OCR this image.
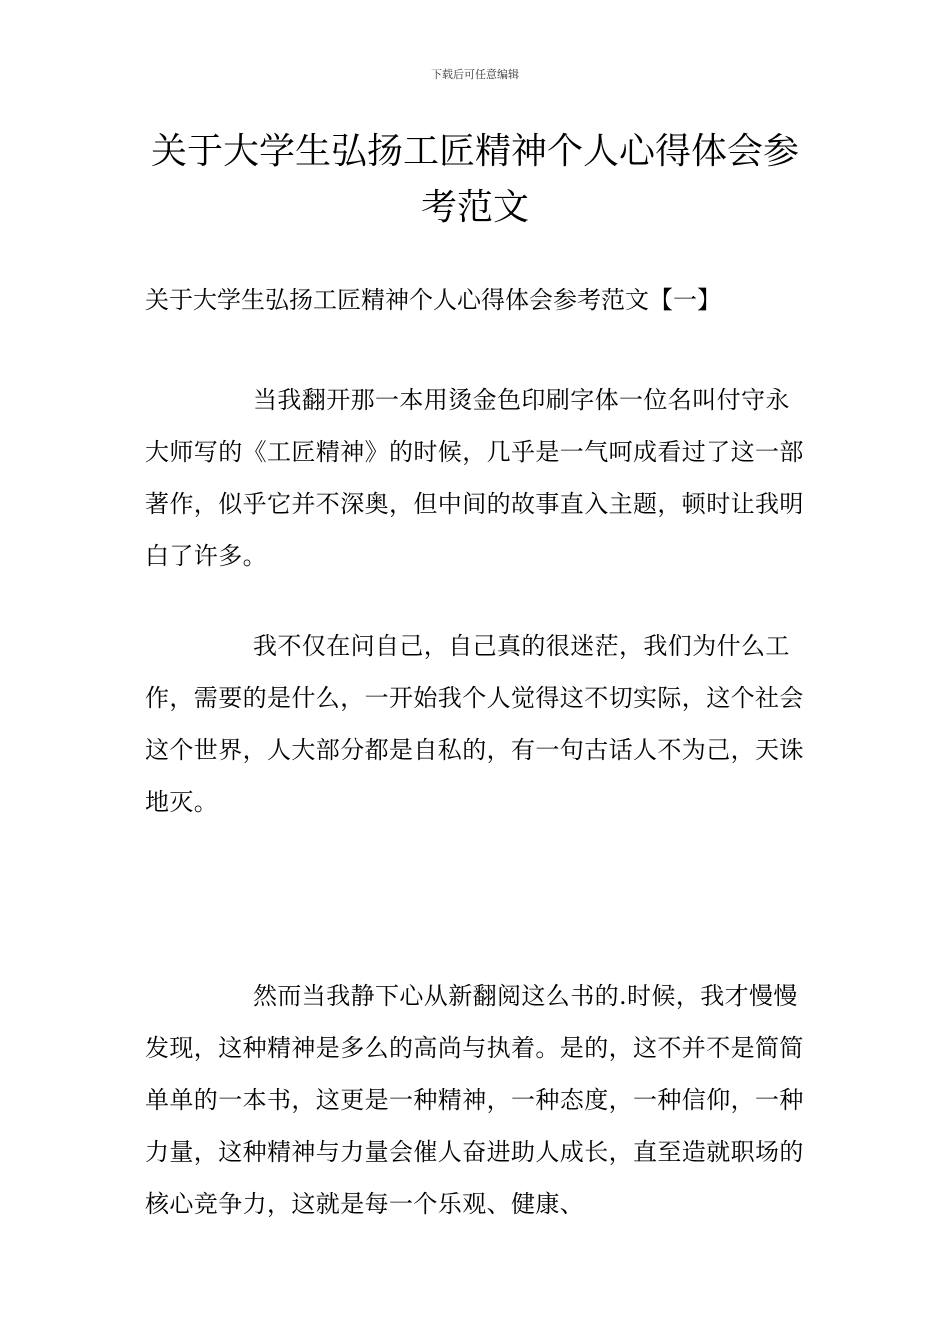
下载后可任意编辑
关于大学生弘扬工匠精神个人心得体会参考范文
关于大学生弘扬工匠精神个人心得体会参考范文【一】

当我翻开那一本用烫金色印刷字体一位名叫付守永大师写的《工匠精神》的时候，几乎是一气呵成看过了这一部著作，似乎它并不深奥，但中间的故事直入主题，顿时让我明白了许多。

我不仅在问自己，自己真的很迷茫，我们为什么工作，需要的是什么，一开始我个人觉得这不切实际，这个社会这个世界，人大部分都是自私的，有一句古话人不为己，天诛地灭。

然而当我静下心从新翻阅这么书的.时候，我才慢慢发现，这种精神是多么的高尚与执着。是的，这不并不是简简单单的一本书，这更是一种精神，一种态度，一种信仰，一种力量，这种精神与力量会催人奋进助人成长，直至造就职场的核心竞争力，这就是每一个乐观、健康、
